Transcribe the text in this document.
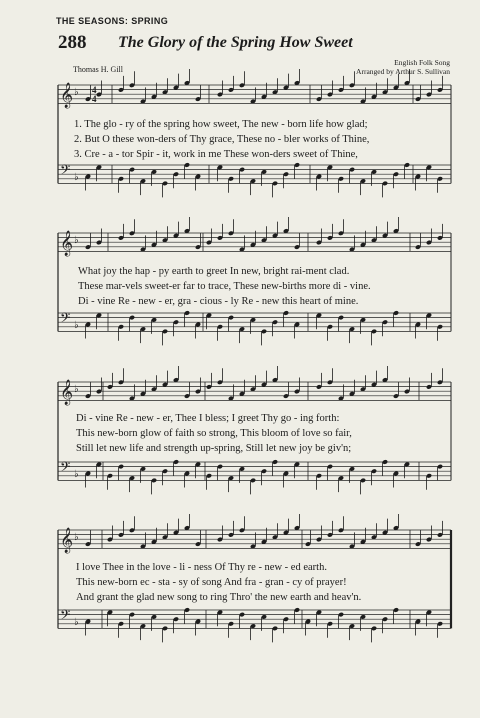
THE SEASONS: SPRING
288 The Glory of the Spring How Sweet
Thomas H. Gill
English Folk Song
Arranged by Arthur S. Sullivan
𝄞 ♭
𝄢 ♭
𝄞 ♭
𝄢 ♭
𝄞 ♭
𝄢 ♭
𝄞 ♭
𝄢 ♭
4
4
1. The glo - ry of the spring how sweet, The new - born life how glad;
2. But O these won-ders of Thy grace, These no - bler works of Thine,
3. Cre - a - tor Spir - it, work in me These won-ders sweet of Thine,
What joy the hap - py earth to greet In new, bright rai-ment clad.
These mar-vels sweet-er far to trace, These new-births more di - vine.
Di - vine Re - new - er, gra - cious - ly Re - new this heart of mine.
Di - vine Re - new - er, Thee I bless; I greet Thy go - ing forth:
This new-born glow of faith so strong, This bloom of love so fair,
Still let new life and strength up-spring, Still let new joy be giv'n;
I love Thee in the love - li - ness Of Thy re - new - ed earth.
This new-born ec - sta - sy of song And fra - gran - cy of prayer!
And grant the glad new song to ring Thro' the new earth and heav'n.
